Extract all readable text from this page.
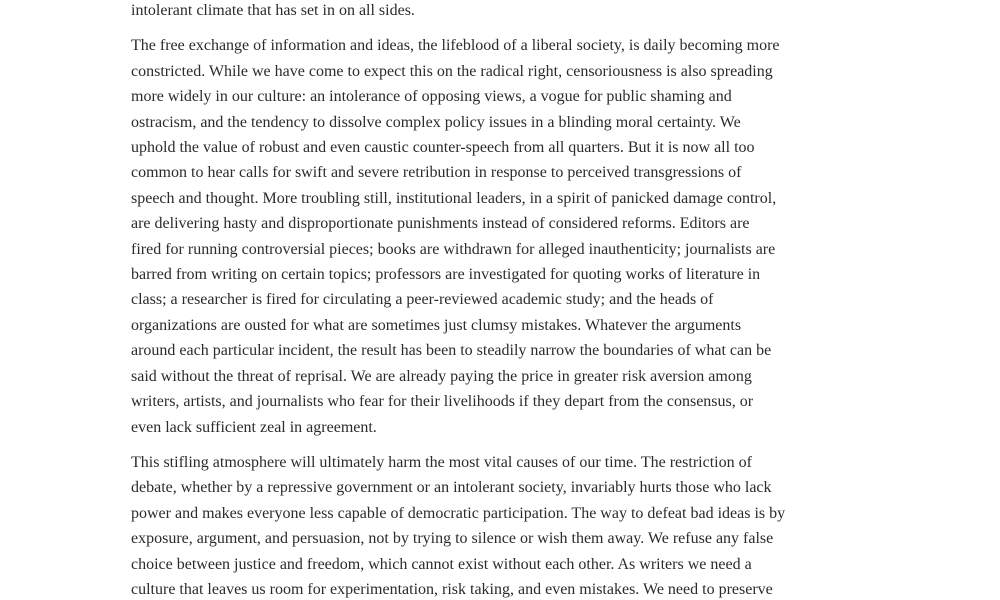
intolerant climate that has set in on all sides.

The free exchange of information and ideas, the lifeblood of a liberal society, is daily becoming more
constricted. While we have come to expect this on the radical right, censoriousness is also spreading
more widely in our culture: an intolerance of opposing views, a vogue for public shaming and
ostracism, and the tendency to dissolve complex policy issues in a blinding moral certainty. We
uphold the value of robust and even caustic counter-speech from all quarters. But it is now all too
common to hear calls for swift and severe retribution in response to perceived transgressions of
speech and thought. More troubling still, institutional leaders, in a spirit of panicked damage control,
are delivering hasty and disproportionate punishments instead of considered reforms. Editors are
fired for running controversial pieces; books are withdrawn for alleged inauthenticity; journalists are
barred from writing on certain topics; professors are investigated for quoting works of literature in
class; a researcher is fired for circulating a peer-reviewed academic study; and the heads of
organizations are ousted for what are sometimes just clumsy mistakes. Whatever the arguments
around each particular incident, the result has been to steadily narrow the boundaries of what can be
said without the threat of reprisal. We are already paying the price in greater risk aversion among
writers, artists, and journalists who fear for their livelihoods if they depart from the consensus, or
even lack sufficient zeal in agreement.

This stifling atmosphere will ultimately harm the most vital causes of our time. The restriction of
debate, whether by a repressive government or an intolerant society, invariably hurts those who lack
power and makes everyone less capable of democratic participation. The way to defeat bad ideas is by
exposure, argument, and persuasion, not by trying to silence or wish them away. We refuse any false
choice between justice and freedom, which cannot exist without each other. As writers we need a
culture that leaves us room for experimentation, risk taking, and even mistakes. We need to preserve
